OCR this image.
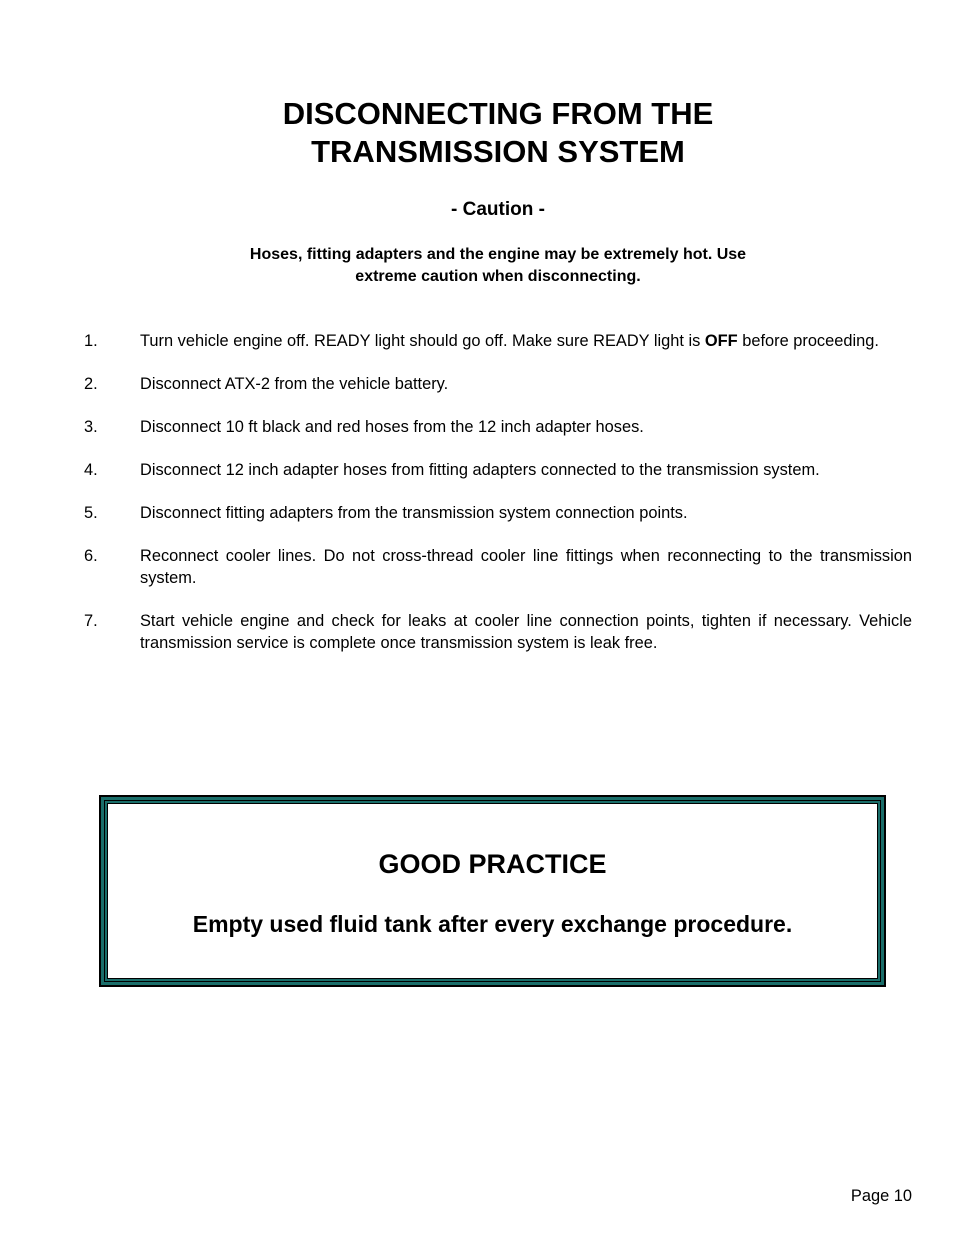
DISCONNECTING FROM THE
TRANSMISSION SYSTEM
- Caution -
Hoses, fitting adapters and the engine may be extremely hot. Use
extreme caution when disconnecting.
1.	Turn vehicle engine off. READY light should go off. Make sure READY light is OFF before proceeding.
2.	Disconnect ATX-2 from the vehicle battery.
3.	Disconnect 10 ft black and red hoses from the 12 inch adapter hoses.
4.	Disconnect 12 inch adapter hoses from fitting adapters connected to the transmission system.
5.	Disconnect fitting adapters from the transmission system connection points.
6.	Reconnect cooler lines. Do not cross-thread cooler line fittings when reconnecting to the transmission system.
7.	Start vehicle engine and check for leaks at cooler line connection points, tighten if necessary. Vehicle transmission service is complete once transmission system is leak free.
GOOD PRACTICE
Empty used fluid tank after every exchange procedure.
Page 10
